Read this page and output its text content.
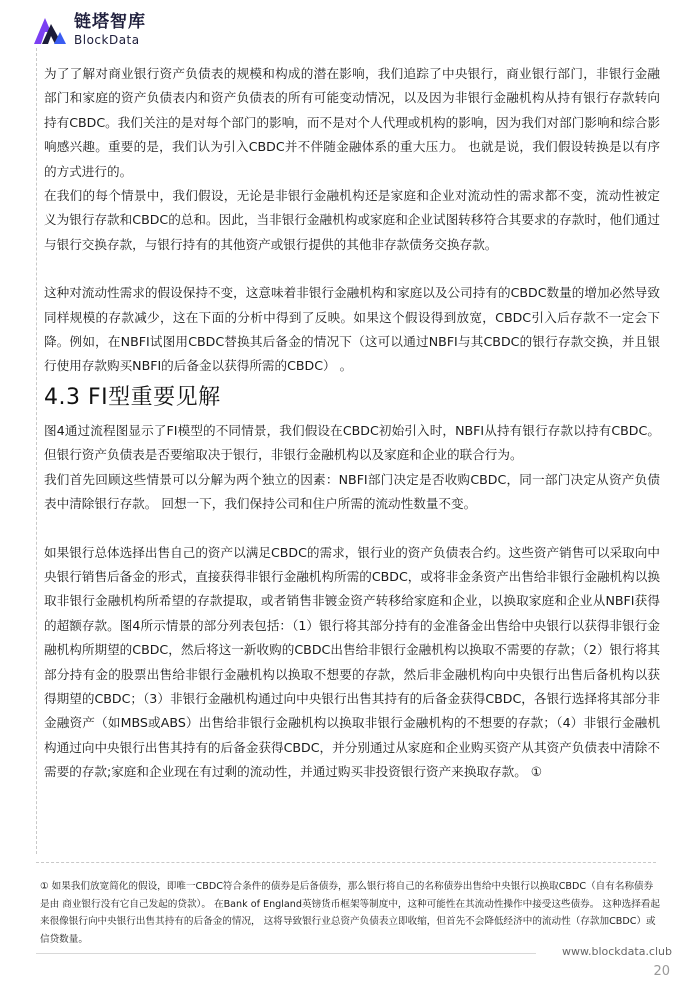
链塔智库
BlockData

为了了解对商业银行资产负债表的规模和构成的潜在影响，我们追踪了中央银行，商业银行部门，非银行金融部门和家庭的资产负债表内和资产负债表的所有可能变动情况，以及因为非银行金融机构从持有银行存款转向持有CBDC。我们关注的是对每个部门的影响，而不是对个人代理或机构的影响，因为我们对部门影响和综合影响感兴趣。重要的是，我们认为引入CBDC并不伴随金融体系的重大压力。 也就是说，我们假设转换是以有序的方式进行的。

在我们的每个情景中，我们假设，无论是非银行金融机构还是家庭和企业对流动性的需求都不变，流动性被定义为银行存款和CBDC的总和。因此，当非银行金融机构或家庭和企业试图转移符合其要求的存款时，他们通过与银行交换存款，与银行持有的其他资产或银行提供的其他非存款债务交换存款。

这种对流动性需求的假设保持不变，这意味着非银行金融机构和家庭以及公司持有的CBDC数量的增加必然导致同样规模的存款减少，这在下面的分析中得到了反映。如果这个假设得到放宽，CBDC引入后存款不一定会下降。例如，在NBFI试图用CBDC替换其后备金的情况下（这可以通过NBFI与其CBDC的银行存款交换，并且银行使用存款购买NBFI的后备金以获得所需的CBDC） 。

4.3 FI型重要见解

图4通过流程图显示了FI模型的不同情景，我们假设在CBDC初始引入时，NBFI从持有银行存款以持有CBDC。但银行资产负债表是否要缩取决于银行，非银行金融机构以及家庭和企业的联合行为。

我们首先回顾这些情景可以分解为两个独立的因素：NBFI部门决定是否收购CBDC，同一部门决定从资产负债表中清除银行存款。 回想一下，我们保持公司和住户所需的流动性数量不变。

如果银行总体选择出售自己的资产以满足CBDC的需求，银行业的资产负债表合约。这些资产销售可以采取向中央银行销售后备金的形式，直接获得非银行金融机构所需的CBDC，或将非金条资产出售给非银行金融机构以换取非银行金融机构所希望的存款提取，或者销售非镀金资产转移给家庭和企业，以换取家庭和企业从NBFI获得的超额存款。图4所示情景的部分列表包括：（1）银行将其部分持有的金准备金出售给中央银行以获得非银行金融机构所期望的CBDC，然后将这一新收购的CBDC出售给非银行金融机构以换取不需要的存款；（2）银行将其部分持有金的股票出售给非银行金融机构以换取不想要的存款，然后非金融机构向中央银行出售后备机构以获得期望的CBDC；（3）非银行金融机构通过向中央银行出售其持有的后备金获得CBDC，各银行选择将其部分非金融资产（如MBS或ABS）出售给非银行金融机构以换取非银行金融机构的不想要的存款；（4）非银行金融机构通过向中央银行出售其持有的后备金获得CBDC，并分别通过从家庭和企业购买资产从其资产负债表中清除不需要的存款;家庭和企业现在有过剩的流动性，并通过购买非投资银行资产来换取存款。 ①

① 如果我们放宽简化的假设，即唯一CBDC符合条件的债券是后备债券，那么银行将自己的名称债券出售给中央银行以换取CBDC（自有名称债券是由 商业银行没有它自己发起的贷款）。 在Bank of England英镑货币框架等制度中，这种可能性在其流动性操作中接受这些债券。 这种选择看起来很像银行向中央银行出售其持有的后备金的情况， 这将导致银行业总资产负债表立即收缩，但首先不会降低经济中的流动性（存款加CBDC）或信贷数量。
www.blockdata.club
20
